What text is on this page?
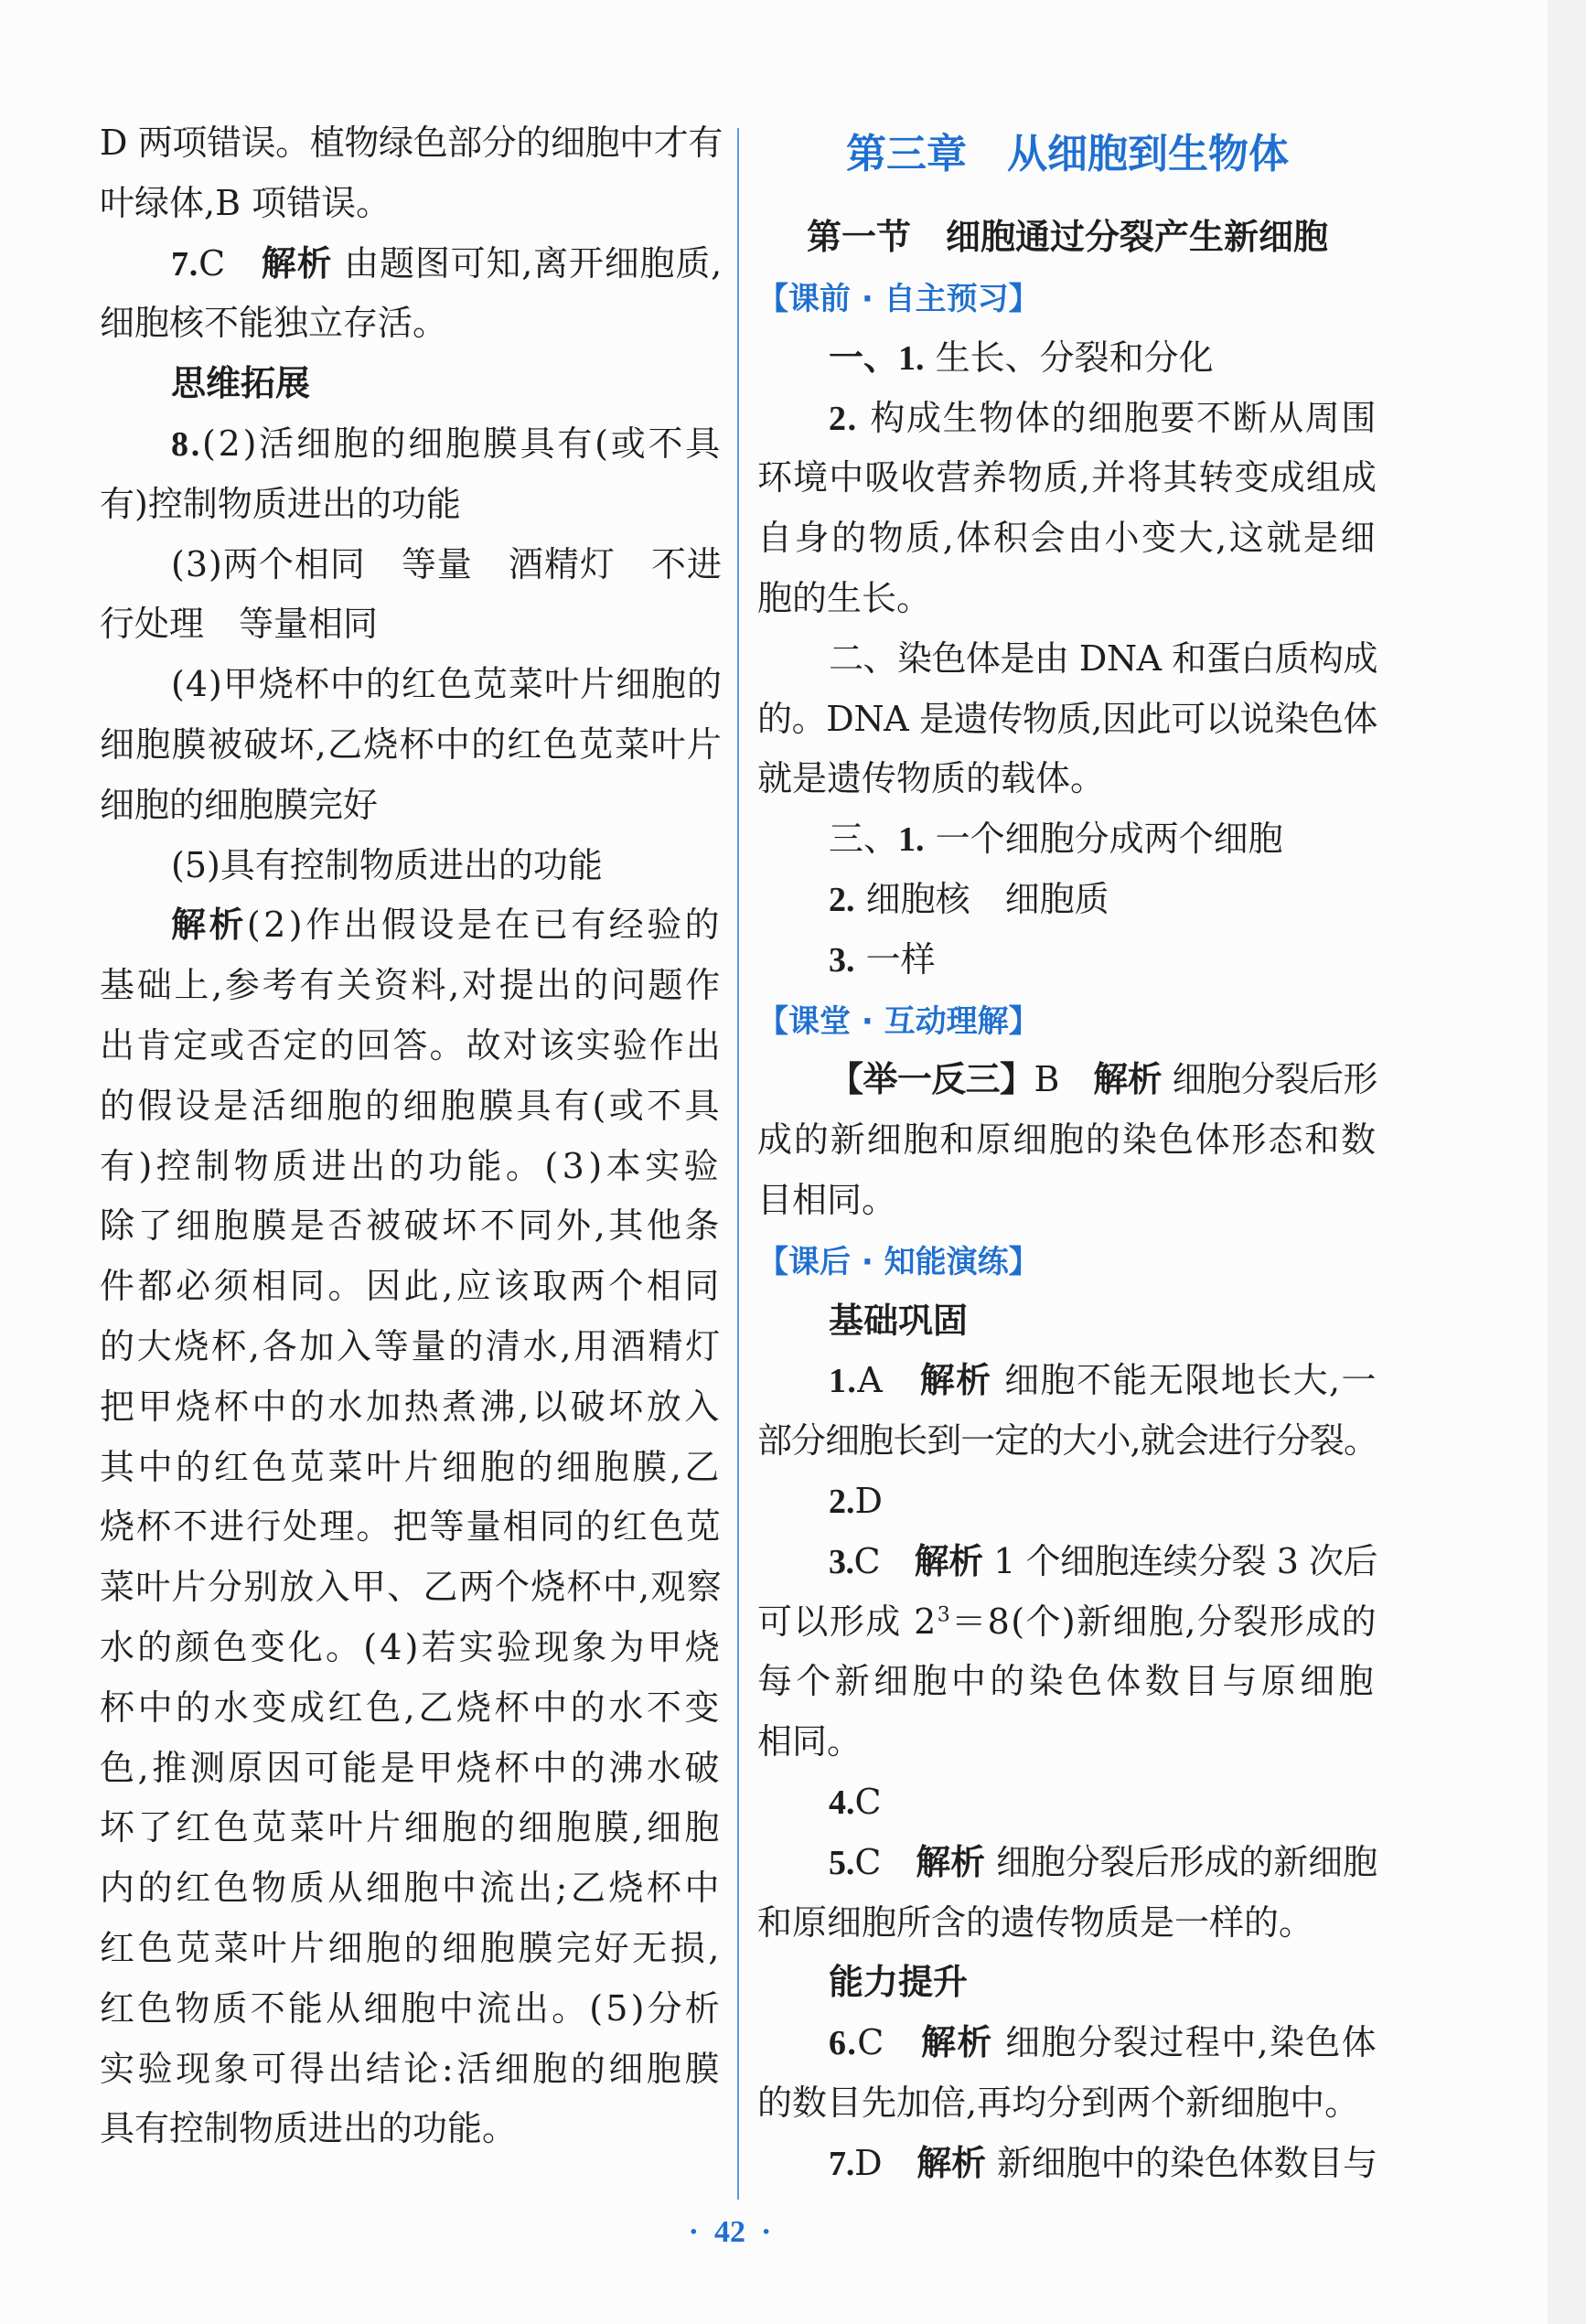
第三章　从细胞到生物体
第一节　细胞通过分裂产生新细胞
D 两项错误。植物绿色部分的细胞中才有
叶绿体,B 项错误。
7.C　解析 由题图可知,离开细胞质,
细胞核不能独立存活。
思维拓展
8.(2)活细胞的细胞膜具有(或不具
有)控制物质进出的功能
(3)两个相同　等量　酒精灯　不进
行处理　等量相同
(4)甲烧杯中的红色苋菜叶片细胞的
细胞膜被破坏,乙烧杯中的红色苋菜叶片
细胞的细胞膜完好
(5)具有控制物质进出的功能
解析(2)作出假设是在已有经验的
基础上,参考有关资料,对提出的问题作
出肯定或否定的回答。故对该实验作出
的假设是活细胞的细胞膜具有(或不具
有)控制物质进出的功能。(3)本实验
除了细胞膜是否被破坏不同外,其他条
件都必须相同。因此,应该取两个相同
的大烧杯,各加入等量的清水,用酒精灯
把甲烧杯中的水加热煮沸,以破坏放入
其中的红色苋菜叶片细胞的细胞膜,乙
烧杯不进行处理。把等量相同的红色苋
菜叶片分别放入甲、乙两个烧杯中,观察
水的颜色变化。(4)若实验现象为甲烧
杯中的水变成红色,乙烧杯中的水不变
色,推测原因可能是甲烧杯中的沸水破
坏了红色苋菜叶片细胞的细胞膜,细胞
内的红色物质从细胞中流出;乙烧杯中
红色苋菜叶片细胞的细胞膜完好无损,
红色物质不能从细胞中流出。(5)分析
实验现象可得出结论:活细胞的细胞膜
具有控制物质进出的功能。
【课前 · 自主预习】
一、1. 生长、分裂和分化
2. 构成生物体的细胞要不断从周围
环境中吸收营养物质,并将其转变成组成
自身的物质,体积会由小变大,这就是细
胞的生长。
二、染色体是由 DNA 和蛋白质构成
的。DNA 是遗传物质,因此可以说染色体
就是遗传物质的载体。
三、1. 一个细胞分成两个细胞
2. 细胞核　细胞质
3. 一样
【课堂 · 互动理解】
【举一反三】B　解析 细胞分裂后形
成的新细胞和原细胞的染色体形态和数
目相同。
【课后 · 知能演练】
基础巩固
1.A　解析 细胞不能无限地长大,一
部分细胞长到一定的大小,就会进行分裂。
2.D
3.C　解析 1 个细胞连续分裂 3 次后
可以形成 $2^3=8$(个)新细胞,分裂形成的
每个新细胞中的染色体数目与原细胞
相同。
4.C
5.C　解析 细胞分裂后形成的新细胞
和原细胞所含的遗传物质是一样的。
能力提升
6.C　解析 细胞分裂过程中,染色体
的数目先加倍,再均分到两个新细胞中。
7.D　解析 新细胞中的染色体数目与
·  42  ·
